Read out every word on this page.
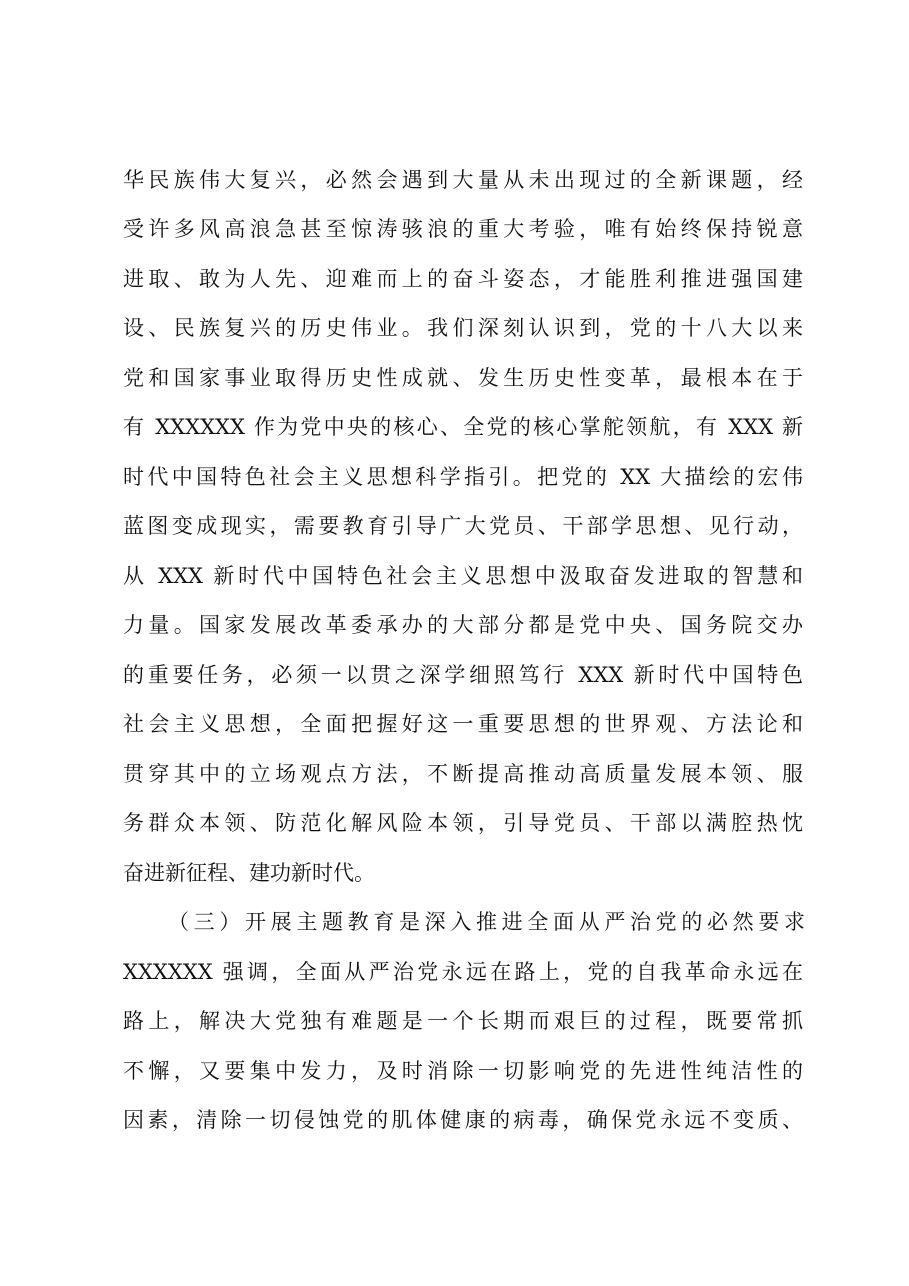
华民族伟大复兴，必然会遇到大量从未出现过的全新课题，经
受许多风高浪急甚至惊涛骇浪的重大考验，唯有始终保持锐意
进取、敢为人先、迎难而上的奋斗姿态，才能胜利推进强国建
设、民族复兴的历史伟业。我们深刻认识到，党的十八大以来
党和国家事业取得历史性成就、发生历史性变革，最根本在于
有 XXXXXX 作为党中央的核心、全党的核心掌舵领航，有 XXX 新
时代中国特色社会主义思想科学指引。把党的 XX 大描绘的宏伟
蓝图变成现实，需要教育引导广大党员、干部学思想、见行动，
从 XXX 新时代中国特色社会主义思想中汲取奋发进取的智慧和
力量。国家发展改革委承办的大部分都是党中央、国务院交办
的重要任务，必须一以贯之深学细照笃行 XXX 新时代中国特色
社会主义思想，全面把握好这一重要思想的世界观、方法论和
贯穿其中的立场观点方法，不断提高推动高质量发展本领、服
务群众本领、防范化解风险本领，引导党员、干部以满腔热忱
奋进新征程、建功新时代。
（三）开展主题教育是深入推进全面从严治党的必然要求
XXXXXX 强调，全面从严治党永远在路上，党的自我革命永远在
路上，解决大党独有难题是一个长期而艰巨的过程，既要常抓
不懈，又要集中发力，及时消除一切影响党的先进性纯洁性的
因素，清除一切侵蚀党的肌体健康的病毒，确保党永远不变质、
